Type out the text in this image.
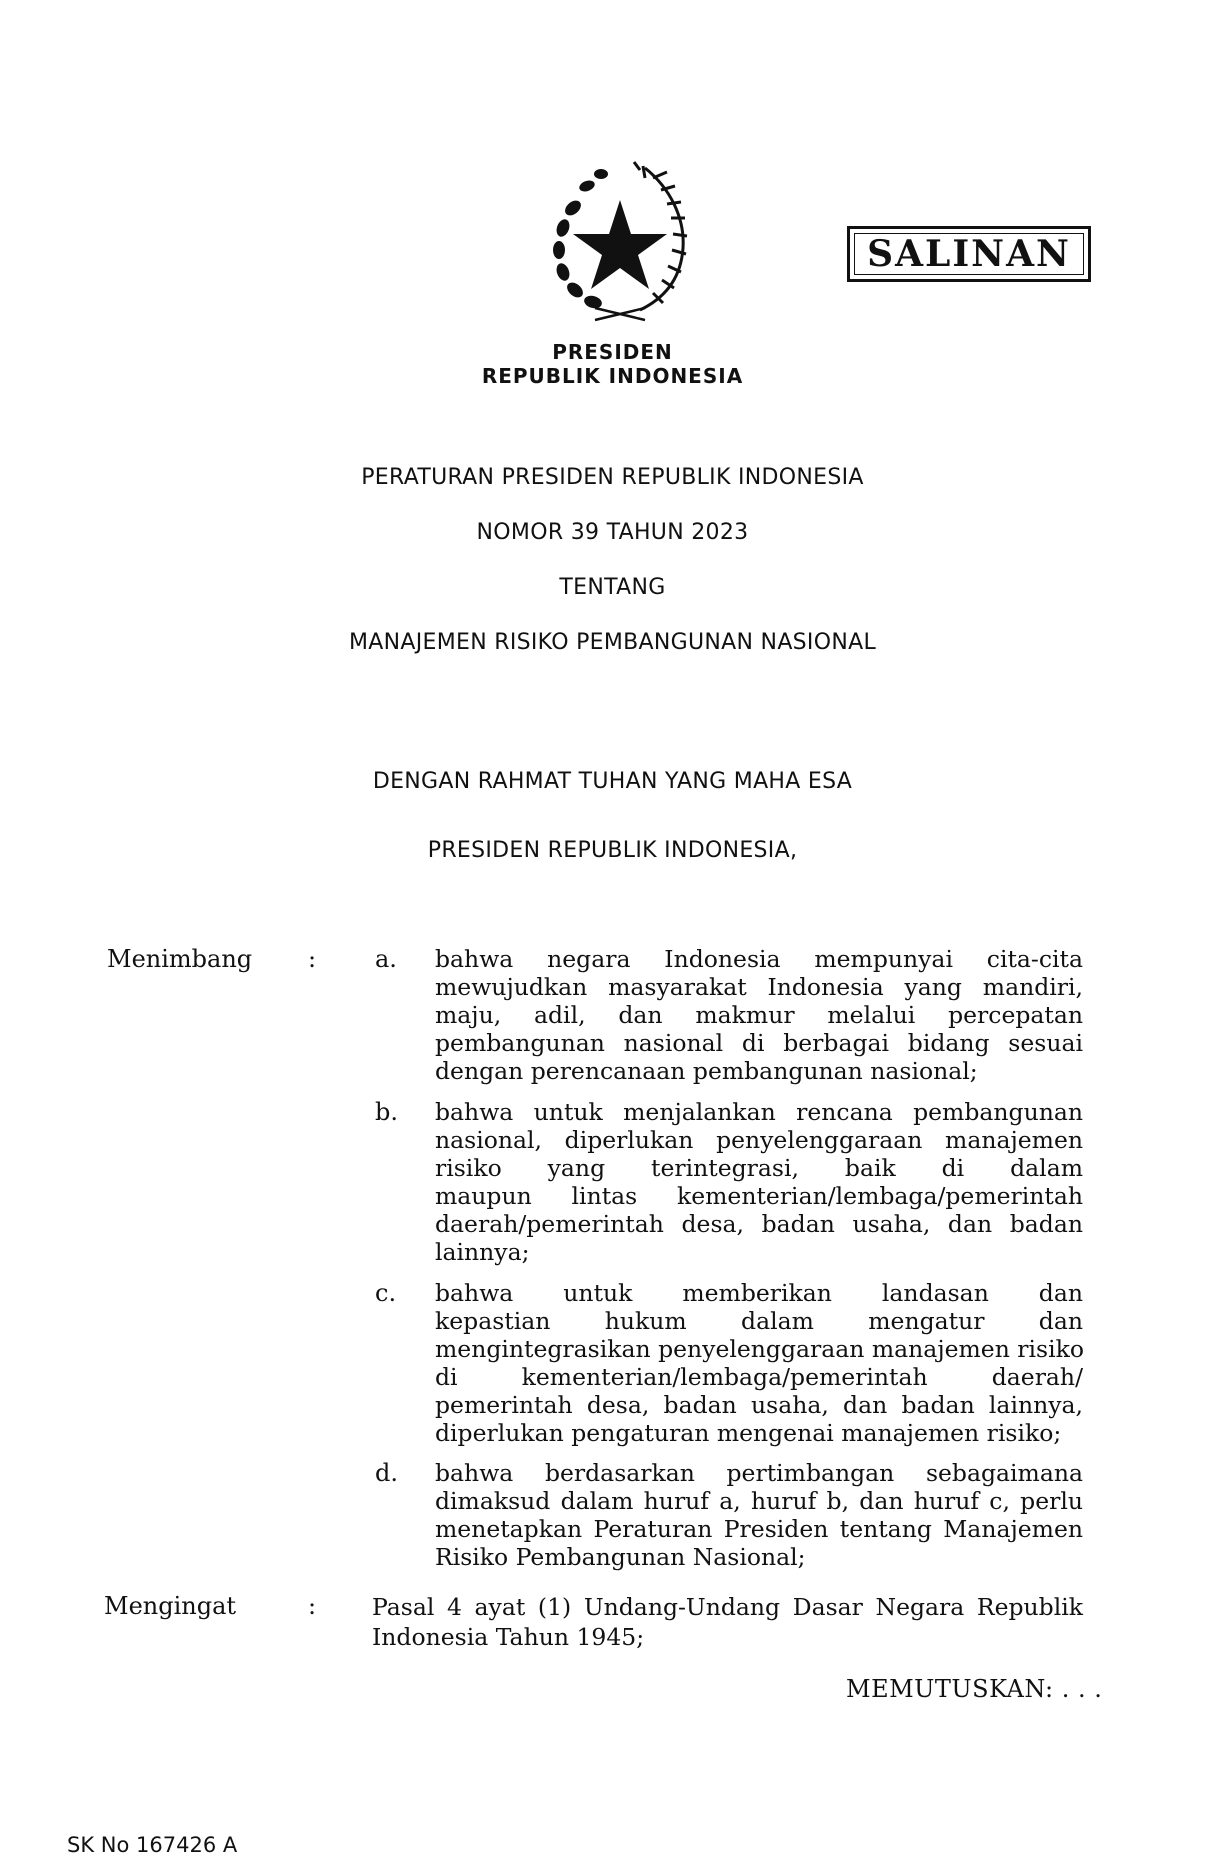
SALINAN
PRESIDEN
REPUBLIK INDONESIA
PERATURAN PRESIDEN REPUBLIK INDONESIA
NOMOR 39 TAHUN 2023
TENTANG
MANAJEMEN RISIKO PEMBANGUNAN NASIONAL
DENGAN RAHMAT TUHAN YANG MAHA ESA
PRESIDEN REPUBLIK INDONESIA,
Menimbang : a. bahwa negara Indonesia mempunyai cita-cita
mewujudkan masyarakat Indonesia yang mandiri,
maju, adil, dan makmur melalui percepatan
pembangunan nasional di berbagai bidang sesuai
dengan perencanaan pembangunan nasional;
b. bahwa untuk menjalankan rencana pembangunan
nasional, diperlukan penyelenggaraan manajemen
risiko yang terintegrasi, baik di dalam
maupun lintas kementerian/lembaga/pemerintah
daerah/pemerintah desa, badan usaha, dan badan
lainnya;
c. bahwa untuk memberikan landasan dan
kepastian hukum dalam mengatur dan
mengintegrasikan penyelenggaraan manajemen risiko
di kementerian/lembaga/pemerintah daerah/
pemerintah desa, badan usaha, dan badan lainnya,
diperlukan pengaturan mengenai manajemen risiko;
d. bahwa berdasarkan pertimbangan sebagaimana
dimaksud dalam huruf a, huruf b, dan huruf c, perlu
menetapkan Peraturan Presiden tentang Manajemen
Risiko Pembangunan Nasional;
Mengingat	: Pasal 4 ayat (1) Undang-Undang Dasar Negara Republik
Indonesia Tahun 1945;
MEMUTUSKAN: . . .
SK No 167426 A
